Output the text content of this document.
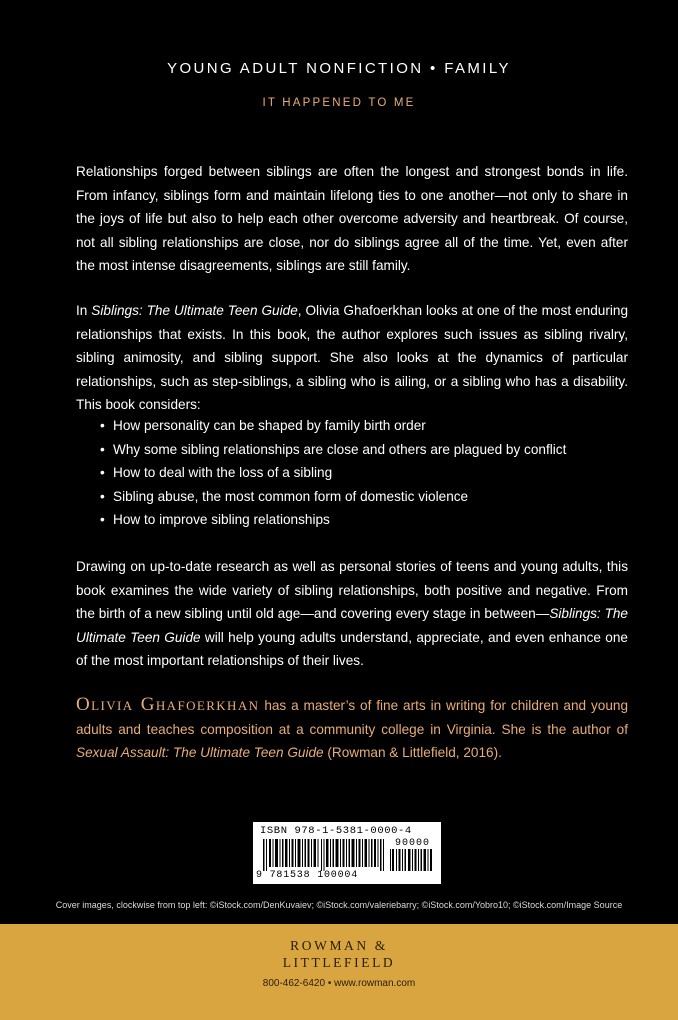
YOUNG ADULT NONFICTION • FAMILY
IT HAPPENED TO ME
Relationships forged between siblings are often the longest and strongest bonds in life. From infancy, siblings form and maintain lifelong ties to one another—not only to share in the joys of life but also to help each other overcome adversity and heartbreak. Of course, not all sibling relationships are close, nor do siblings agree all of the time. Yet, even after the most intense disagreements, siblings are still family.
In Siblings: The Ultimate Teen Guide, Olivia Ghafoerkhan looks at one of the most enduring relationships that exists. In this book, the author explores such issues as sibling rivalry, sibling animosity, and sibling support. She also looks at the dynamics of particular relationships, such as step-siblings, a sibling who is ailing, or a sibling who has a disability. This book considers:
• How personality can be shaped by family birth order
• Why some sibling relationships are close and others are plagued by conflict
• How to deal with the loss of a sibling
• Sibling abuse, the most common form of domestic violence
• How to improve sibling relationships
Drawing on up-to-date research as well as personal stories of teens and young adults, this book examines the wide variety of sibling relationships, both positive and negative. From the birth of a new sibling until old age—and covering every stage in between—Siblings: The Ultimate Teen Guide will help young adults understand, appreciate, and even enhance one of the most important relationships of their lives.
Olivia Ghafoerkhan has a master’s of fine arts in writing for children and young adults and teaches composition at a community college in Virginia. She is the author of Sexual Assault: The Ultimate Teen Guide (Rowman & Littlefield, 2016).
ISBN 978-1-5381-0000-4
90000
9 781538 100004
Cover images, clockwise from top left: ©iStock.com/DenKuvaiev; ©iStock.com/valeriebarry; ©iStock.com/Yobro10; ©iStock.com/Image Source
ROWMAN &
LITTLEFIELD
800-462-6420 • www.rowman.com
